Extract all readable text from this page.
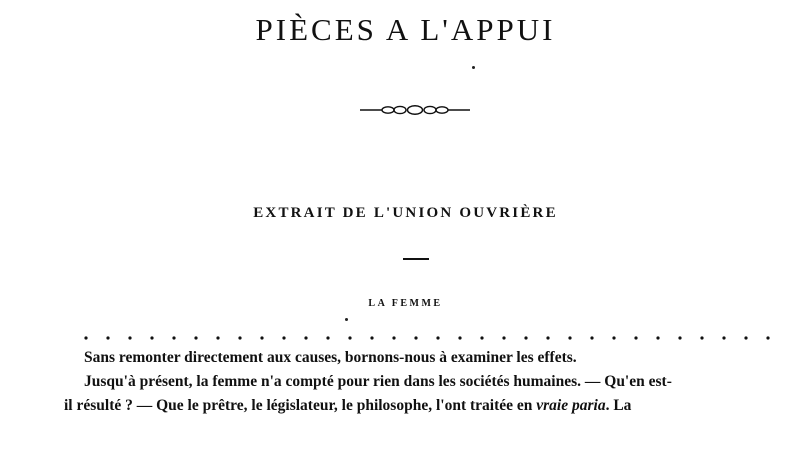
PIÈCES A L'APPUI
EXTRAIT DE L'UNION OUVRIÈRE
LA FEMME
Sans remonter directement aux causes, bornons-nous à examiner les effets.
Jusqu'à présent, la femme n'a compté pour rien dans les sociétés humaines. — Qu'en est-
il résulté ? — Que le prêtre, le législateur, le philosophe, l'ont traitée en vraie paria. La
